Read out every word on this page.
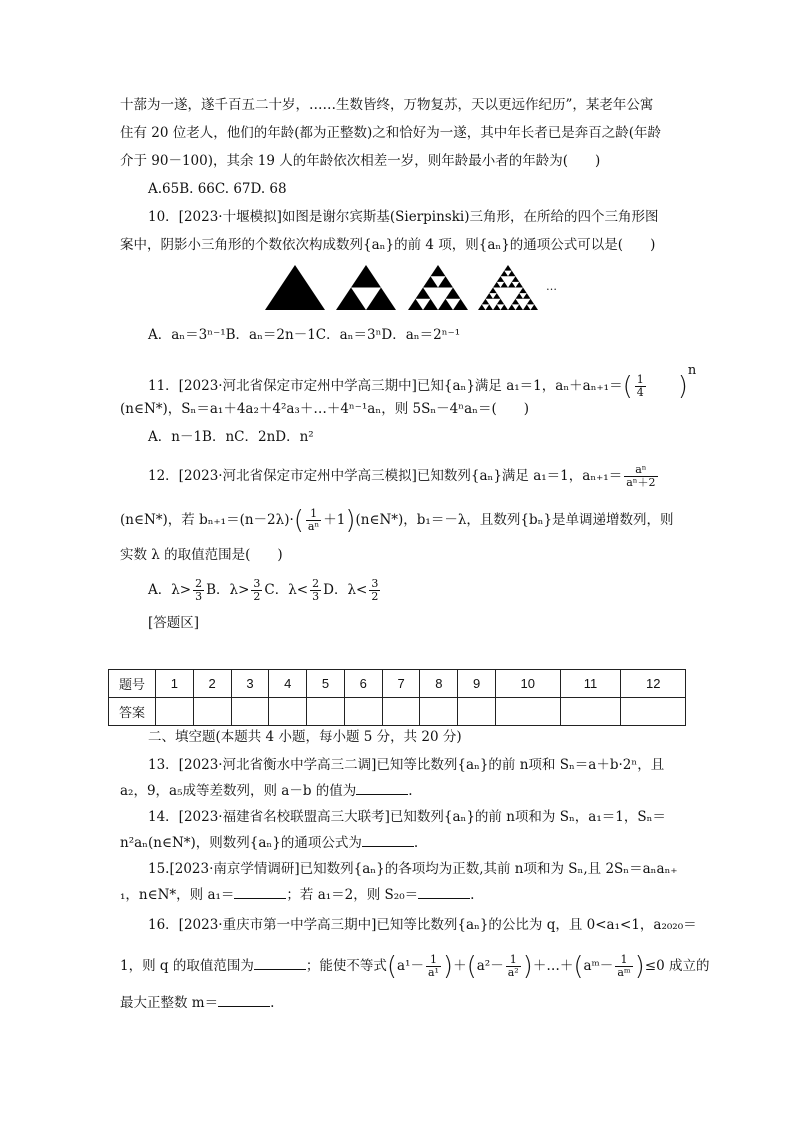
十蔀为一遂，遂千百五二十岁，……生数皆终，万物复苏，天以更远作纪历”，某老年公寓
住有 20 位老人，他们的年龄(都为正整数)之和恰好为一遂，其中年长者已是奔百之龄(年龄
介于 90－100)，其余 19 人的年龄依次相差一岁，则年龄最小者的年龄为(　　)
A.65B. 66C. 67D. 68
10．[2023·十堰模拟]如图是谢尔宾斯基(Sierpinski)三角形，在所给的四个三角形图
案中，阴影小三角形的个数依次构成数列{aₙ}的前 4 项，则{aₙ}的通项公式可以是(　　)
…
A．aₙ＝3ⁿ⁻¹B．aₙ＝2n－1C．aₙ＝3ⁿD．aₙ＝2ⁿ⁻¹
11．[2023·河北省保定市定州中学高三期中]已知{aₙ}满足 a₁＝1，$a_n+a_{n+1}=( \frac{1}{4} )^n$
(n∈N*)，Sₙ＝a₁＋4a₂＋4²a₃＋…＋4ⁿ⁻¹aₙ，则 5Sₙ－4ⁿaₙ＝(　　)
A．n－1B．nC．2nD．n²
12．[2023·河北省保定市定州中学高三模拟]已知数列{aₙ}满足 a₁＝1，$a_{n+1}= \frac{\text{aⁿ}}{\text{aⁿ＋2}}$
(n∈N*)，若 $b_{n+1}=(n-2\lambda)\cdot( \frac{1}{\text{aⁿ}}$ ＋1)(n∈N*)，b₁＝－λ，且数列{bₙ}是单调递增数列，则
实数 λ 的取值范围是(　　)
A．$\lambda> \frac{2}{3}$ B．$\lambda> \frac{3}{2}$ C．$\lambda< \frac{2}{3}$ D．$\lambda< \frac{3}{2}$
[答题区]
题号	1	2	3	4	5	6	7	8	9	10	11	12
答案												
二、填空题(本题共 4 小题，每小题 5 分，共 20 分)
13．[2023·河北省衡水中学高三二调]已知等比数列{aₙ}的前 n项和 Sₙ＝a＋b·2ⁿ，且
a₂，9，a₅成等差数列，则 a－b 的值为	.
14．[2023·福建省名校联盟高三大联考]已知数列{aₙ}的前 n项和为 Sₙ，a₁＝1，Sₙ＝
n²aₙ(n∈N*)，则数列{aₙ}的通项公式为	.
15.[2023·南京学情调研]已知数列{aₙ}的各项均为正数,其前 n项和为 Sₙ,且 2Sₙ＝aₙaₙ₊
₁，n∈N*，则 a₁＝	；若 a₁＝2，则 S₂₀＝	.
16．[2023·重庆市第一中学高三期中]已知等比数列{aₙ}的公比为 q，且 0<a₁<1，a₂₀₂₀＝
1，则 q 的取值范围为	；能使不等式$(a^1- \frac{1}{\text{a¹}} )+(a^2- \frac{1}{\text{a²}}$ )＋…＋(aᵐ－ $\frac{1}{\text{aᵐ}} )\le 0$ 成立的
最大正整数 m＝	.
